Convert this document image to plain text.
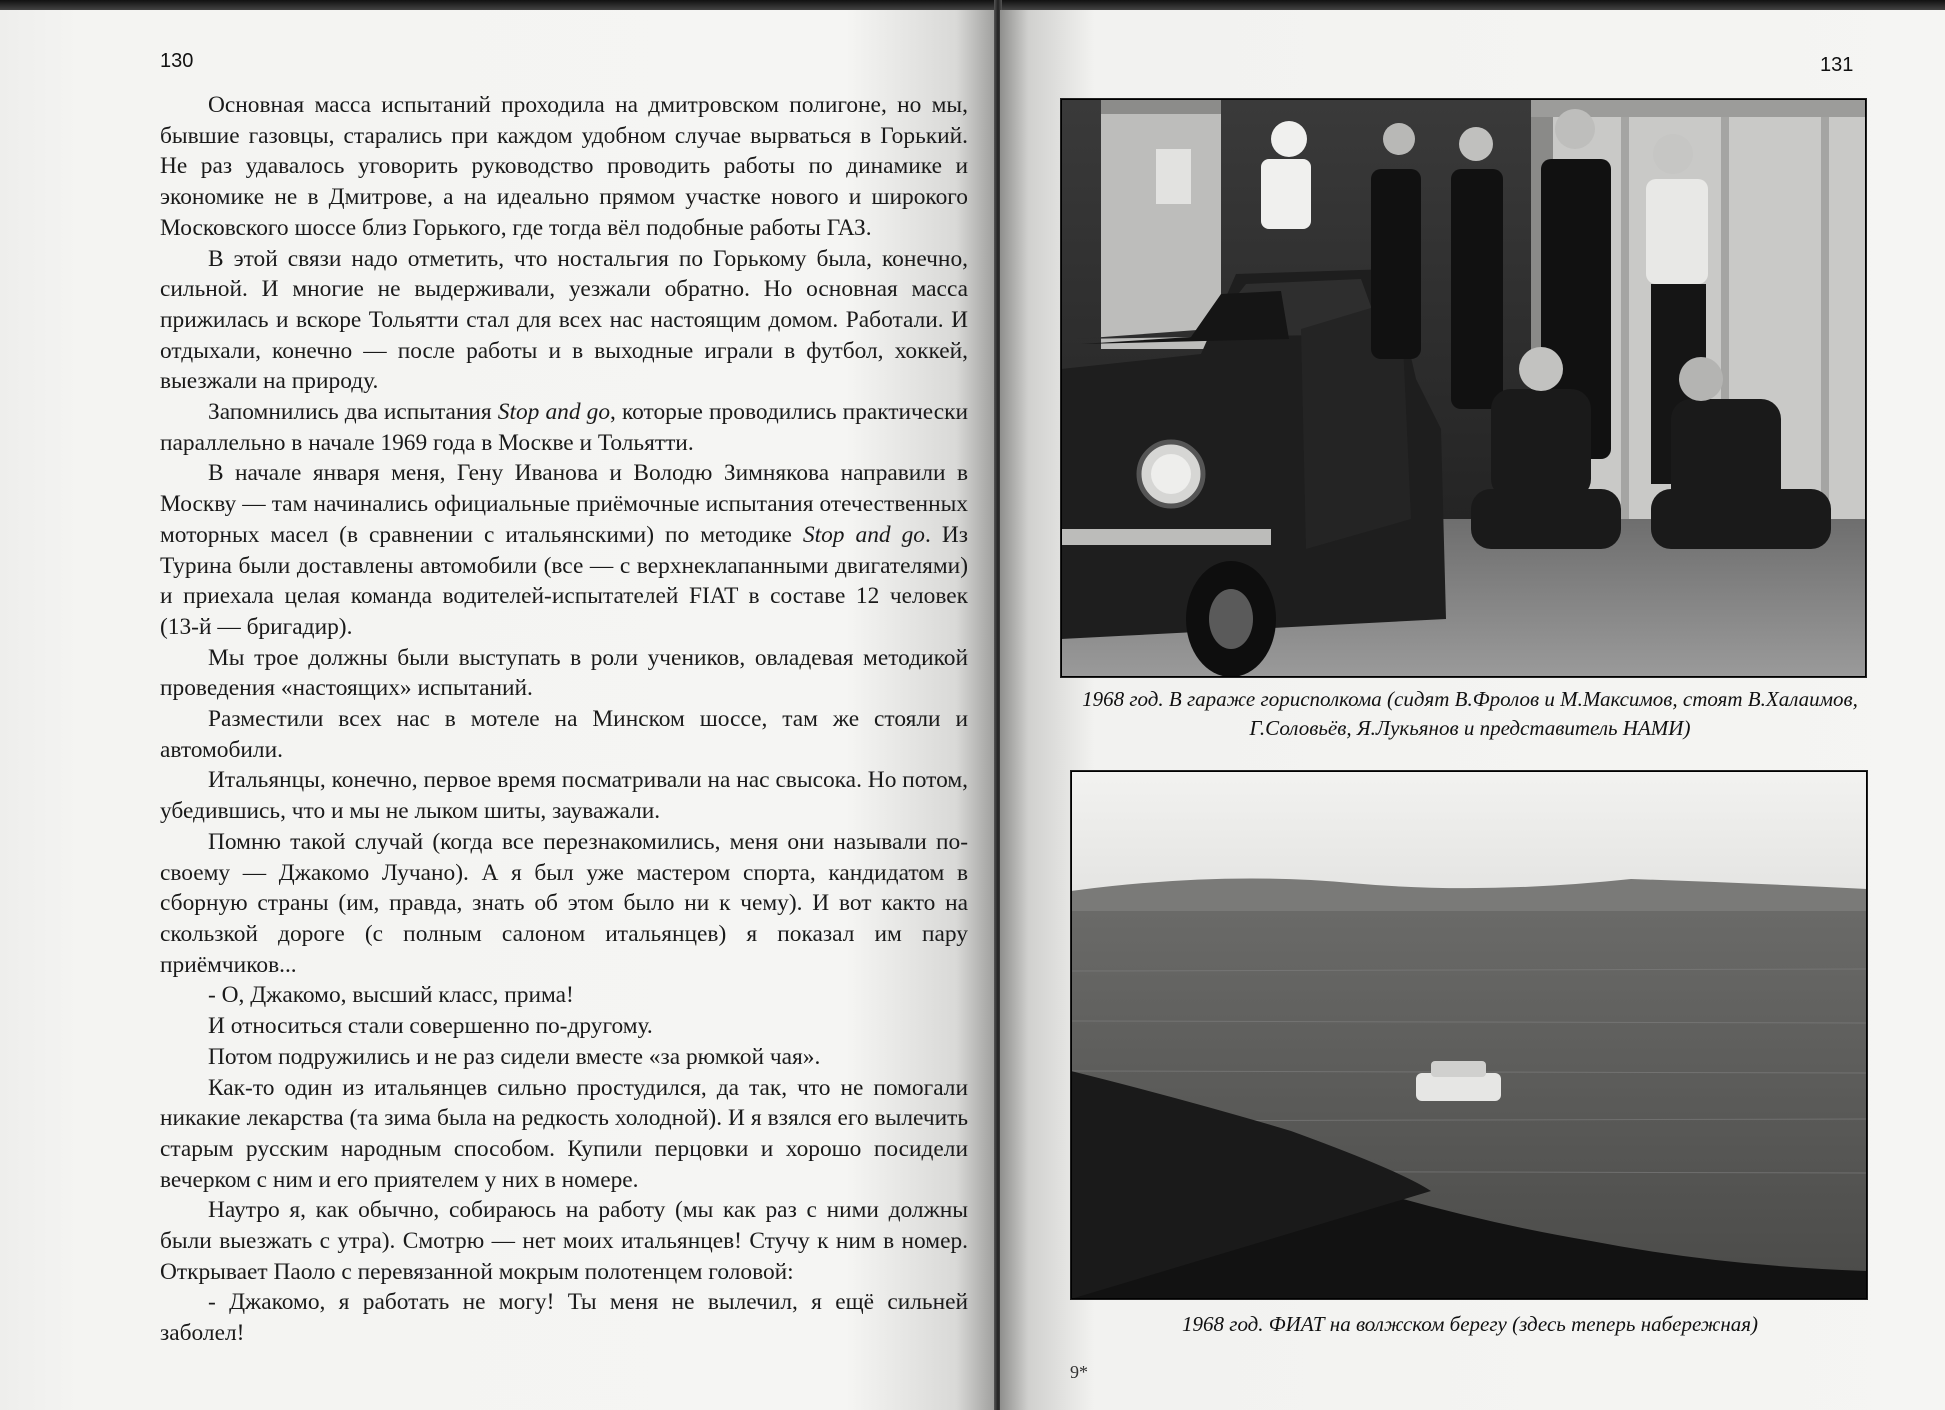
130

Основная масса испытаний проходила на дмитровском полигоне, но мы, бывшие газовцы, старались при каждом удобном случае вырваться в Горький. Не раз удавалось уговорить руководство проводить работы по динамике и экономике не в Дмитрове, а на идеально прямом участке нового и широкого Московского шоссе близ Горького, где тогда вёл подобные работы ГАЗ.

В этой связи надо отметить, что ностальгия по Горькому была, конечно, сильной. И многие не выдерживали, уезжали обратно. Но основная масса прижилась и вскоре Тольятти стал для всех нас настоящим домом. Работали. И отдыхали, конечно — после работы и в выходные играли в футбол, хоккей, выезжали на природу.

Запомнились два испытания Stop and go, которые проводились практически параллельно в начале 1969 года в Москве и Тольятти.

В начале января меня, Гену Иванова и Володю Зимнякова направили в Москву — там начинались официальные приёмочные испытания отечественных моторных масел (в сравнении с итальянскими) по методике Stop and go. Из Турина были доставлены автомобили (все — с верхнеклапанными двигателями) и приехала целая команда водителей-испытателей FIAT в составе 12 человек (13-й — бригадир).

Мы трое должны были выступать в роли учеников, овладевая методикой проведения «настоящих» испытаний.

Разместили всех нас в мотеле на Минском шоссе, там же стояли и автомобили.

Итальянцы, конечно, первое время посматривали на нас свысока. Но потом, убедившись, что и мы не лыком шиты, зауважали.

Помню такой случай (когда все перезнакомились, меня они называли по-своему — Джакомо Лучано). А я был уже мастером спорта, кандидатом в сборную страны (им, правда, знать об этом было ни к чему). И вот както на скользкой дороге (с полным салоном итальянцев) я показал им пару приёмчиков...

- О, Джакомо, высший класс, прима!

И относиться стали совершенно по-другому.

Потом подружились и не раз сидели вместе «за рюмкой чая».

Как-то один из итальянцев сильно простудился, да так, что не помогали никакие лекарства (та зима была на редкость холодной). И я взялся его вылечить старым русским народным способом. Купили перцовки и хорошо посидели вечерком с ним и его приятелем у них в номере.

Наутро я, как обычно, собираюсь на работу (мы как раз с ними должны были выезжать с утра). Смотрю — нет моих итальянцев! Стучу к ним в номер. Открывает Паоло с перевязанной мокрым полотенцем головой:

- Джакомо, я работать не могу! Ты меня не вылечил, я ещё сильней заболел!

131
1968 год. В гараже горисполкома (сидят В.Фролов и М.Максимов, стоят В.Халаимов, Г.Соловьёв, Я.Лукьянов и представитель НАМИ)
1968 год. ФИАТ на волжском берегу (здесь теперь набережная)
9*
